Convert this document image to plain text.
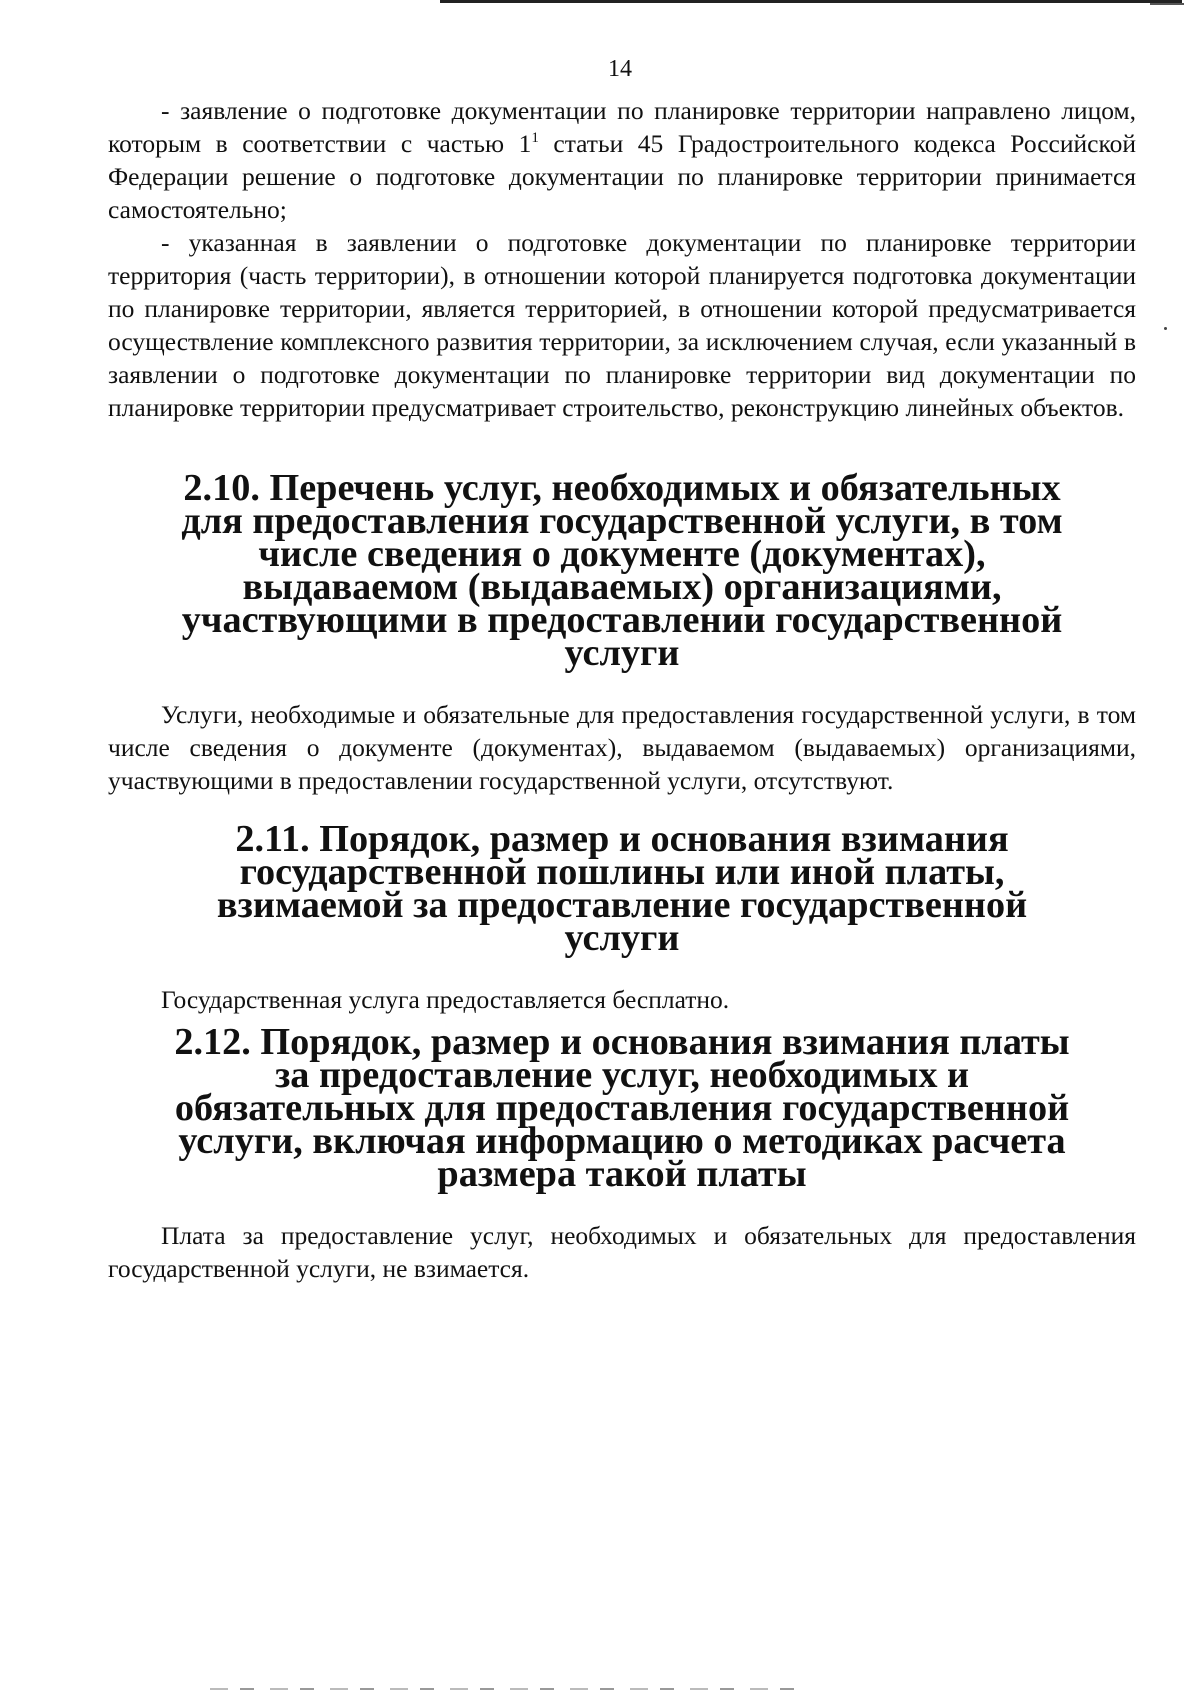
14

- заявление о подготовке документации по планировке территории направлено лицом, которым в соответствии с частью $1^1$ статьи 45 Градостроительного кодекса Российской Федерации решение о подготовке документации по планировке территории принимается самостоятельно;

- указанная в заявлении о подготовке документации по планировке территории территория (часть территории), в отношении которой планируется подготовка документации по планировке территории, является территорией, в отношении которой предусматривается осуществление комплексного развития территории, за исключением случая, если указанный в заявлении о подготовке документации по планировке территории вид документации по планировке территории предусматривает строительство, реконструкцию линейных объектов.

2.10. Перечень услуг, необходимых и обязательных
для предоставления государственной услуги, в том
числе сведения о документе (документах),
выдаваемом (выдаваемых) организациями,
участвующими в предоставлении государственной
услуги

Услуги, необходимые и обязательные для предоставления государственной услуги, в том числе сведения о документе (документах), выдаваемом (выдаваемых) организациями, участвующими в предоставлении государственной услуги, отсутствуют.

2.11. Порядок, размер и основания взимания
государственной пошлины или иной платы,
взимаемой за предоставление государственной
услуги

Государственная услуга предоставляется бесплатно.

2.12. Порядок, размер и основания взимания платы
за предоставление услуг, необходимых и
обязательных для предоставления государственной
услуги, включая информацию о методиках расчета
размера такой платы

Плата за предоставление услуг, необходимых и обязательных для предоставления государственной услуги, не взимается.
